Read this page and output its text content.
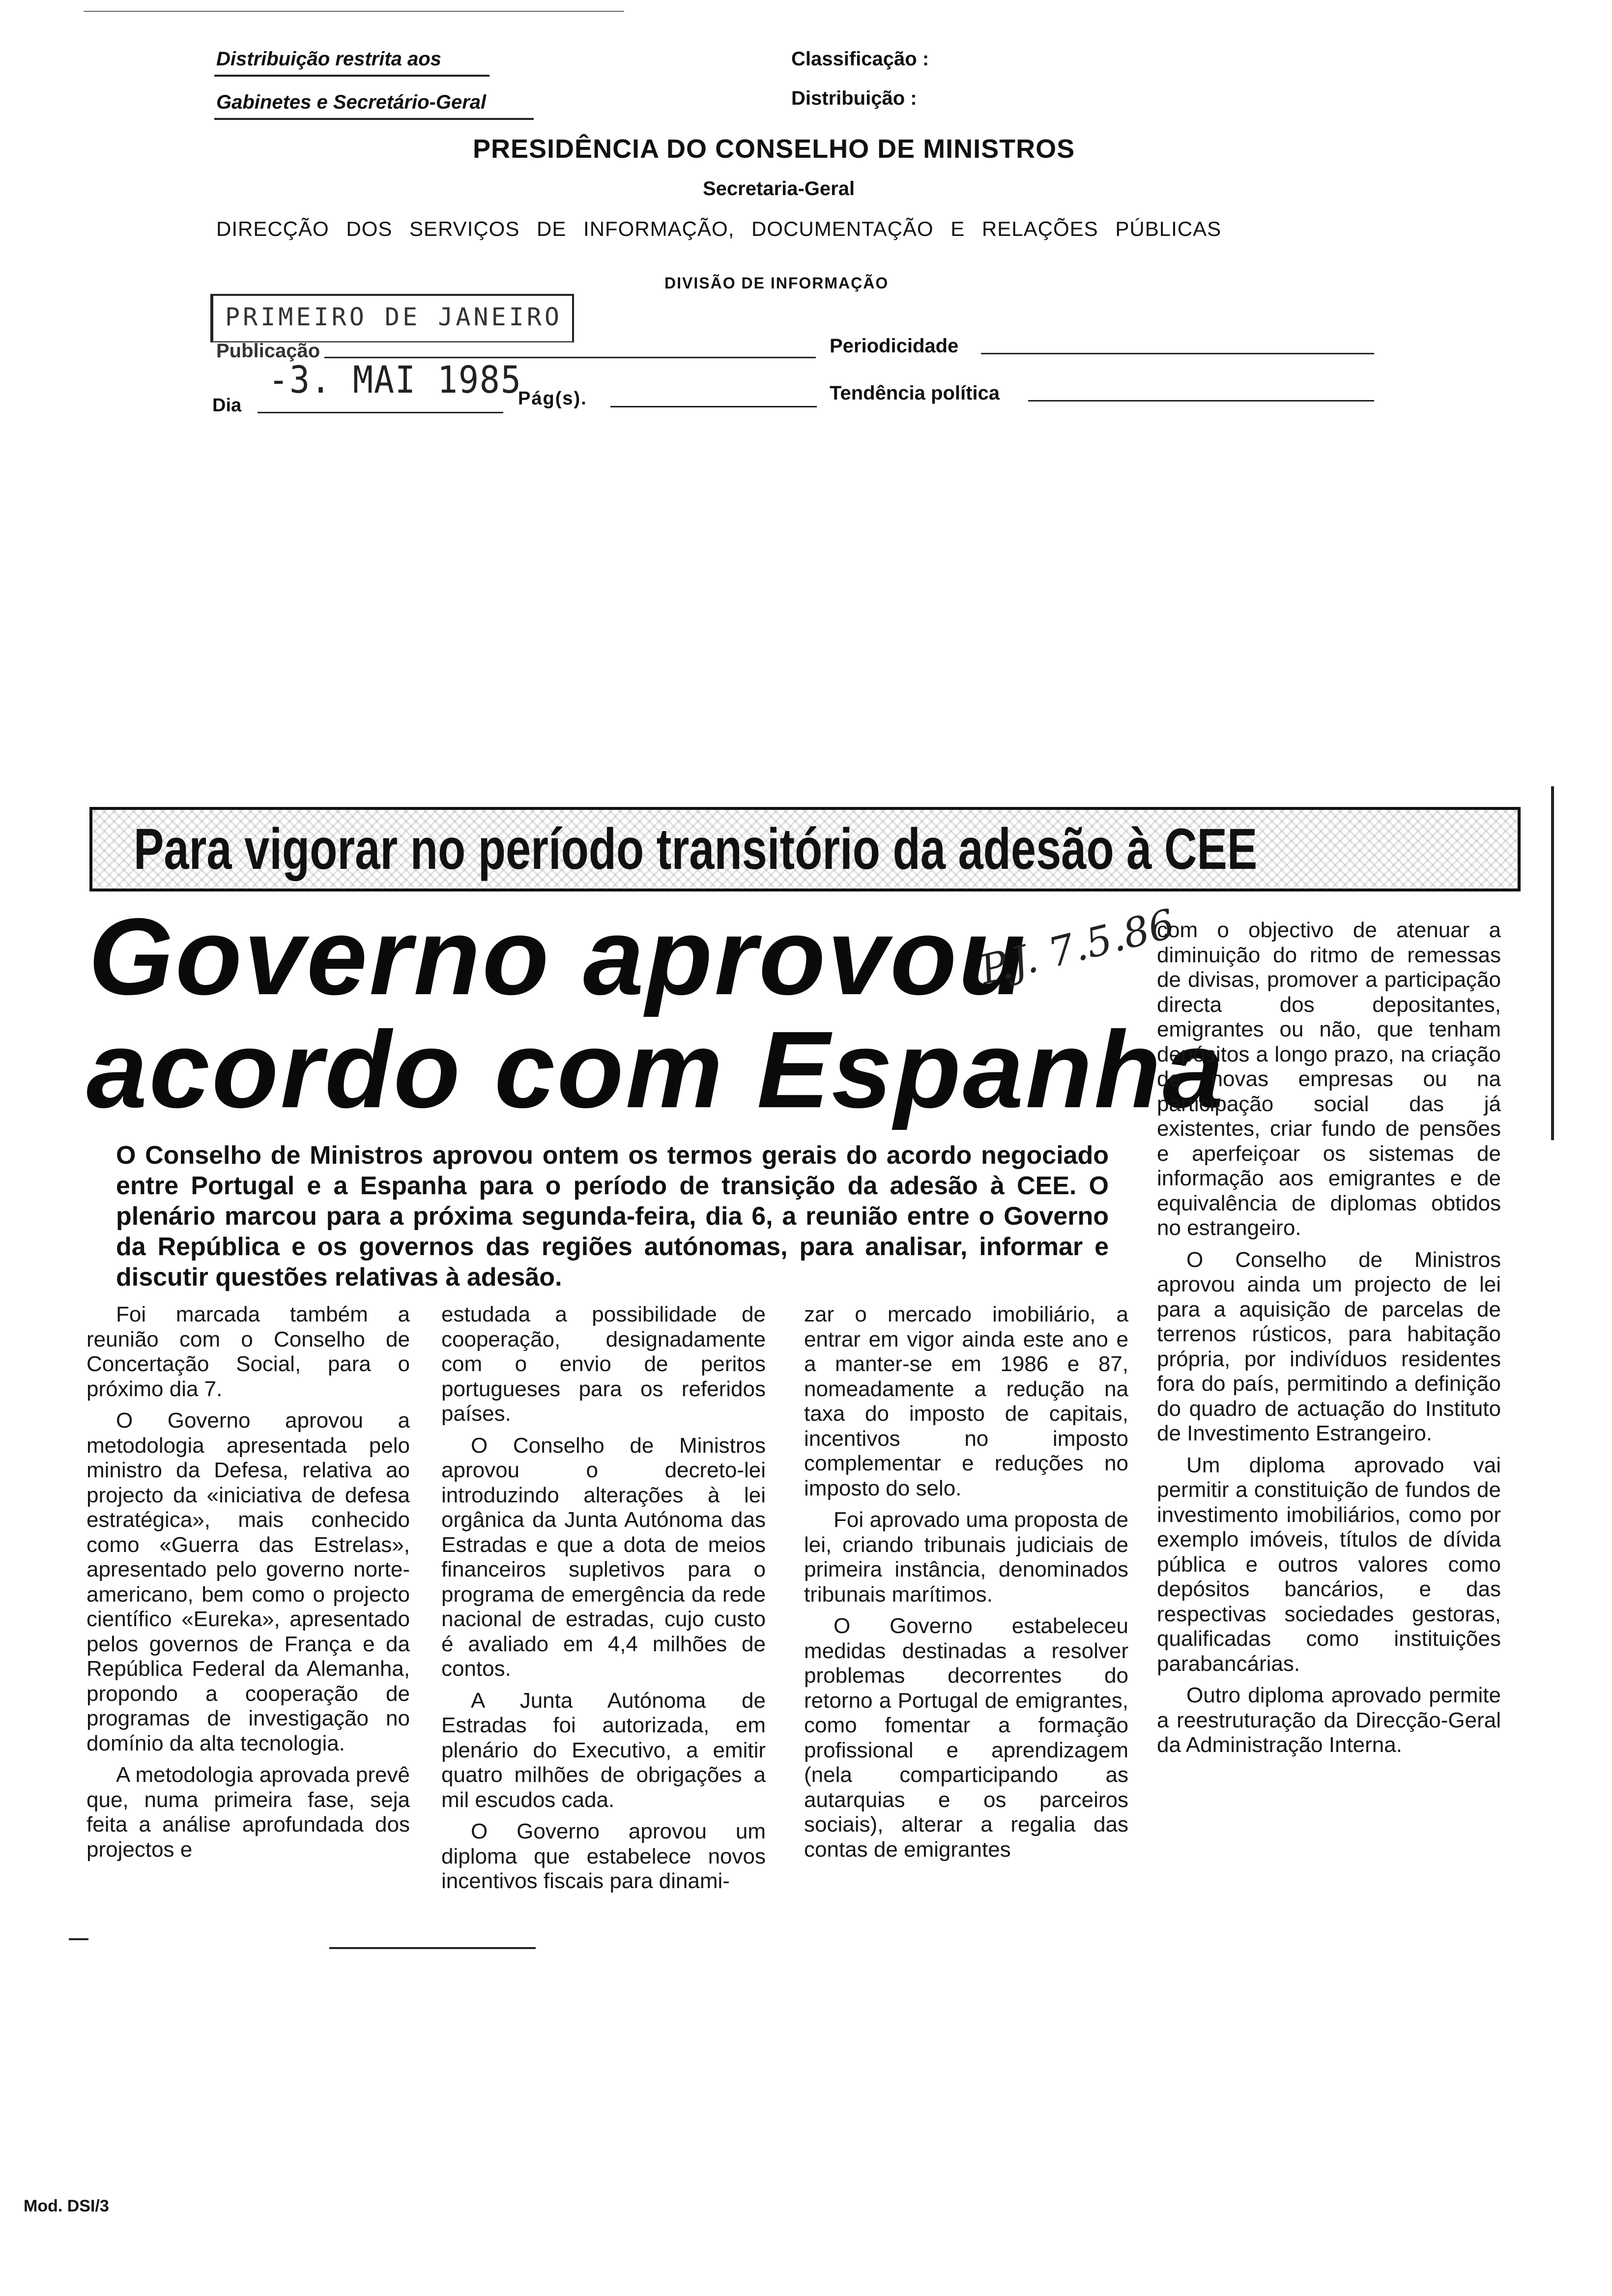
Distribuição restrita aos
Gabinetes e Secretário-Geral
Classificação :
Distribuição :
PRESIDÊNCIA DO CONSELHO DE MINISTROS
Secretaria-Geral
DIRECÇÃO DOS SERVIÇOS DE INFORMAÇÃO, DOCUMENTAÇÃO E RELAÇÕES PÚBLICAS
DIVISÃO DE INFORMAÇÃO
PRIMEIRO DE JANEIRO
Publicação	Periodicidade
Dia
-3. MAI 1985
Pág(s).	Tendência política
Para vigorar no período transitório da adesão à CEE
Governo aprovou
acordo com Espanha
P.J. 7.5.86
O Conselho de Ministros aprovou ontem os termos gerais do acordo negociado entre Portugal e a Espanha para o período de transição da adesão à CEE. O plenário marcou para a próxima segunda-feira, dia 6, a reunião entre o Governo da República e os governos das regiões autónomas, para analisar, informar e discutir questões relativas à adesão.

Foi marcada também a reunião com o Conselho de Concertação Social, para o próximo dia 7.

O Governo aprovou a metodologia apresentada pelo ministro da Defesa, relativa ao projecto da «iniciativa de defesa estratégica», mais conhecido como «Guerra das Estrelas», apresentado pelo governo norte-americano, bem como o projecto científico «Eureka», apresentado pelos governos de França e da República Federal da Alemanha, propondo a cooperação de programas de investigação no domínio da alta tecnologia.

A metodologia aprovada prevê que, numa primeira fase, seja feita a análise aprofundada dos projectos e

estudada a possibilidade de cooperação, designadamente com o envio de peritos portugueses para os referidos países.

O Conselho de Ministros aprovou o decreto-lei introduzindo alterações à lei orgânica da Junta Autónoma das Estradas e que a dota de meios financeiros supletivos para o programa de emergência da rede nacional de estradas, cujo custo é avaliado em 4,4 milhões de contos.

A Junta Autónoma de Estradas foi autorizada, em plenário do Executivo, a emitir quatro milhões de obrigações a mil escudos cada.

O Governo aprovou um diploma que estabelece novos incentivos fiscais para dinami-

zar o mercado imobiliário, a entrar em vigor ainda este ano e a manter-se em 1986 e 87, nomeadamente a redução na taxa do imposto de capitais, incentivos no imposto complementar e reduções no imposto do selo.

Foi aprovado uma proposta de lei, criando tribunais judiciais de primeira instância, denominados tribunais marítimos.

O Governo estabeleceu medidas destinadas a resolver problemas decorrentes do retorno a Portugal de emigrantes, como fomentar a formação profissional e aprendizagem (nela comparticipando as autarquias e os parceiros sociais), alterar a regalia das contas de emigrantes

com o objectivo de atenuar a diminuição do ritmo de remessas de divisas, promover a participação directa dos depositantes, emigrantes ou não, que tenham depósitos a longo prazo, na criação de novas empresas ou na participação social das já existentes, criar fundo de pensões e aperfeiçoar os sistemas de informação aos emigrantes e de equivalência de diplomas obtidos no estrangeiro.

O Conselho de Ministros aprovou ainda um projecto de lei para a aquisição de parcelas de terrenos rústicos, para habitação própria, por indivíduos residentes fora do país, permitindo a definição do quadro de actuação do Instituto de Investimento Estrangeiro.

Um diploma aprovado vai permitir a constituição de fundos de investimento imobiliários, como por exemplo imóveis, títulos de dívida pública e outros valores como depósitos bancários, e das respectivas sociedades gestoras, qualificadas como instituições parabancárias.

Outro diploma aprovado permite a reestruturação da Direcção-Geral da Administração Interna.

Mod. DSI/3
